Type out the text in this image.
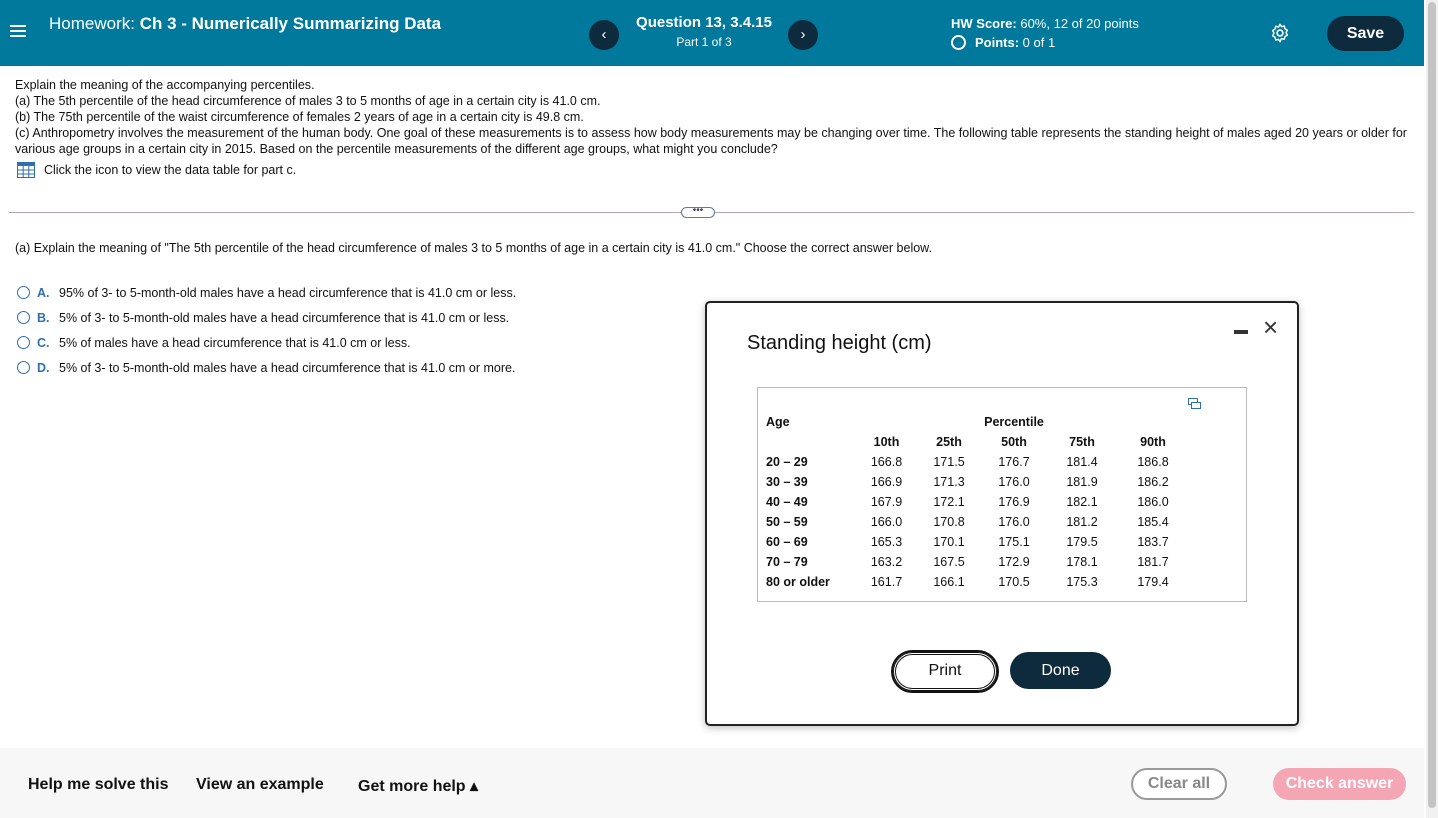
Homework: Ch 3 - Numerically Summarizing Data
‹
Question 13, 3.4.15
Part 1 of 3	›
HW Score: 60%, 12 of 20 points
Points: 0 of 1
Save
Explain the meaning of the accompanying percentiles.
(a) The 5th percentile of the head circumference of males 3 to 5 months of age in a certain city is 41.0 cm.
(b) The 75th percentile of the waist circumference of females 2 years of age in a certain city is 49.8 cm.
(c) Anthropometry involves the measurement of the human body. One goal of these measurements is to assess how body measurements may be changing over time. The following table represents the standing height of males aged 20 years or older for various age groups in a certain city in 2015. Based on the percentile measurements of the different age groups, what might you conclude?
Click the icon to view the data table for part c.
•••
(a) Explain the meaning of "The 5th percentile of the head circumference of males 3 to 5 months of age in a certain city is 41.0 cm." Choose the correct answer below.
A. 95% of 3- to 5-month-old males have a head circumference that is 41.0 cm or less.
B. 5% of 3- to 5-month-old males have a head circumference that is 41.0 cm or less.
C. 5% of males have a head circumference that is 41.0 cm or less.
D. 5% of 3- to 5-month-old males have a head circumference that is 41.0 cm or more.
Standing height (cm)
×
Age			Percentile		
	10th	25th	50th	75th	90th
20 – 29	166.8	171.5	176.7	181.4	186.8
30 – 39	166.9	171.3	176.0	181.9	186.2
40 – 49	167.9	172.1	176.9	182.1	186.0
50 – 59	166.0	170.8	176.0	181.2	185.4
60 – 69	165.3	170.1	175.1	179.5	183.7
70 – 79	163.2	167.5	172.9	178.1	181.7
80 or older	161.7	166.1	170.5	175.3	179.4
Print	Done
Help me solve this View an example Get more help ▴	Clear all	Check answer
